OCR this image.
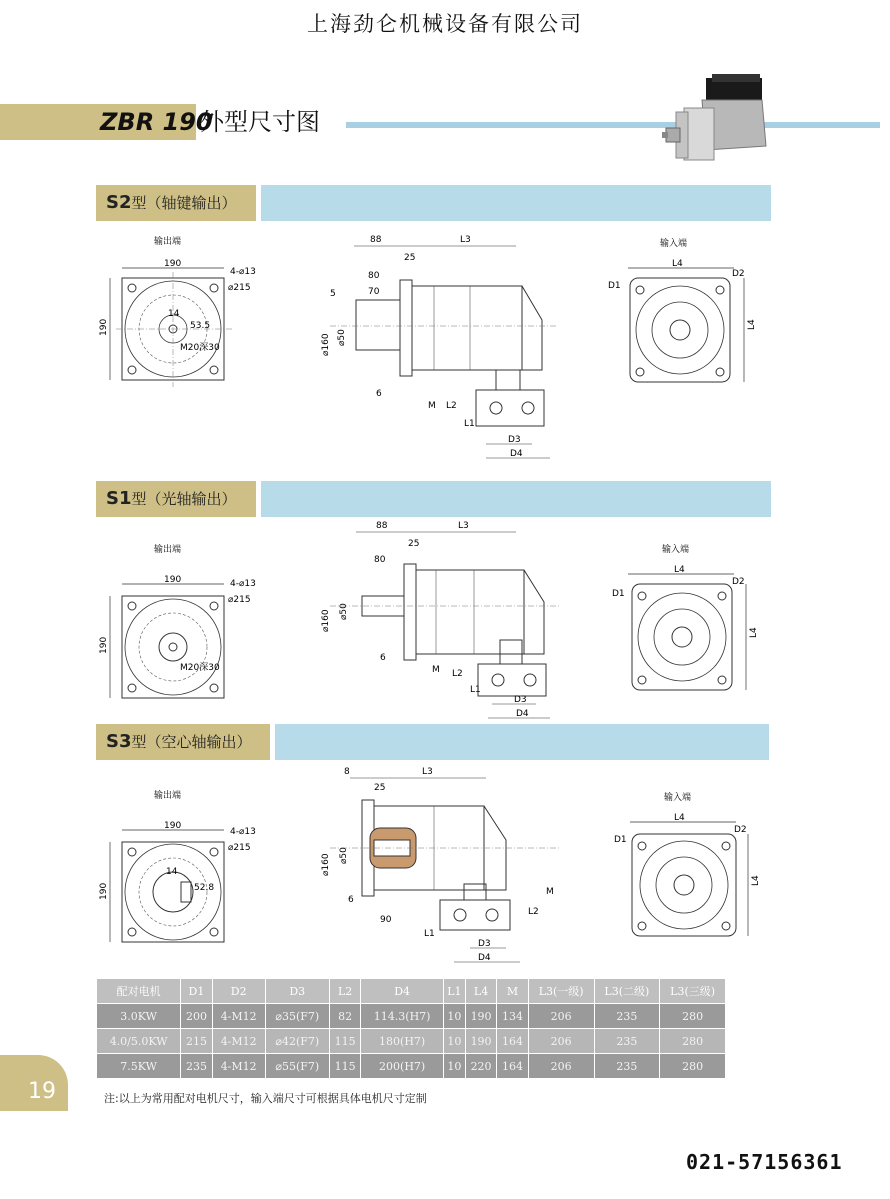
上海劲仑机械设备有限公司
ZBR 190
外型尺寸图
S2型（轴键输出）
S1型（光轴输出）
S3型（空心轴输出）
输出端
190
190
4-⌀13
⌀215
14
M20深30
53.5
88	L3
25
80
70
5
⌀160 ⌀50
6
M L2
L1
D3
D4
输入端
L4
D1
D2
L4
输出端
190
190
4-⌀13
⌀215
M20深30
88	L3
25
80
⌀160 ⌀50
6
M L2
L1
D3
D4
输入端
L4
D1
D2
L4
输出端
190
190
4-⌀13
⌀215
14
52.8
8	L3
25
⌀160 ⌀50
6
90
M
L2
L1
D3
D4
输入端
L4
D1
D2
L4
配对电机	D1	D2	D3	L2	D4	L1	L4	M	L3(一级)	L3(二级)	L3(三级)
3.0KW	200	4-M12	⌀35(F7)	82	114.3(H7)	10	190	134	206	235	280
4.0/5.0KW	215	4-M12	⌀42(F7)	115	180(H7)	10	190	164	206	235	280
7.5KW	235	4-M12	⌀55(F7)	115	200(H7)	10	220	164	206	235	280
19	注:以上为常用配对电机尺寸，输入端尺寸可根据具体电机尺寸定制
021-57156361
